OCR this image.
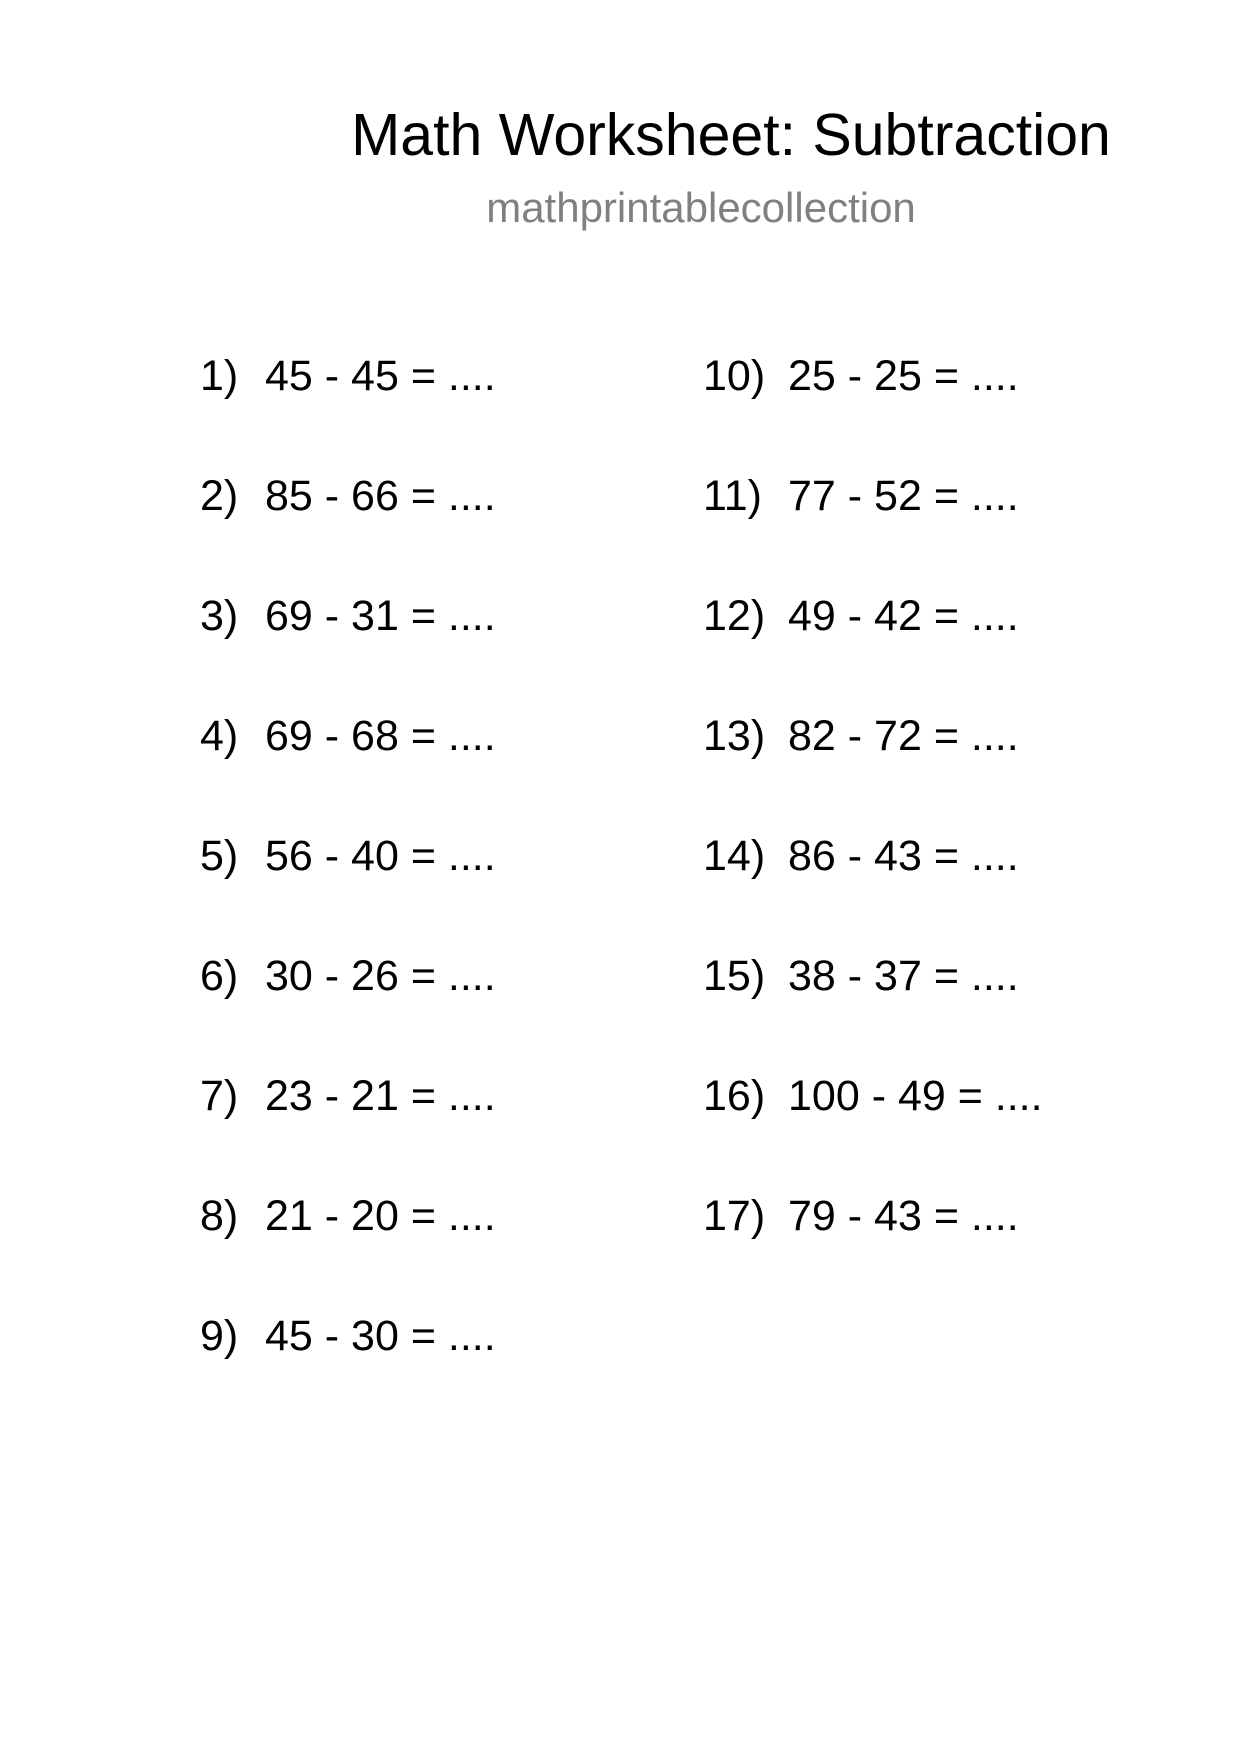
Math Worksheet: Subtraction
mathprintablecollection
1) 45 - 45 = ....
2) 85 - 66 = ....
3) 69 - 31 = ....
4) 69 - 68 = ....
5) 56 - 40 = ....
6) 30 - 26 = ....
7) 23 - 21 = ....
8) 21 - 20 = ....
9) 45 - 30 = ....
10) 25 - 25 = ....
11) 77 - 52 = ....
12) 49 - 42 = ....
13) 82 - 72 = ....
14) 86 - 43 = ....
15) 38 - 37 = ....
16) 100 - 49 = ....
17) 79 - 43 = ....
